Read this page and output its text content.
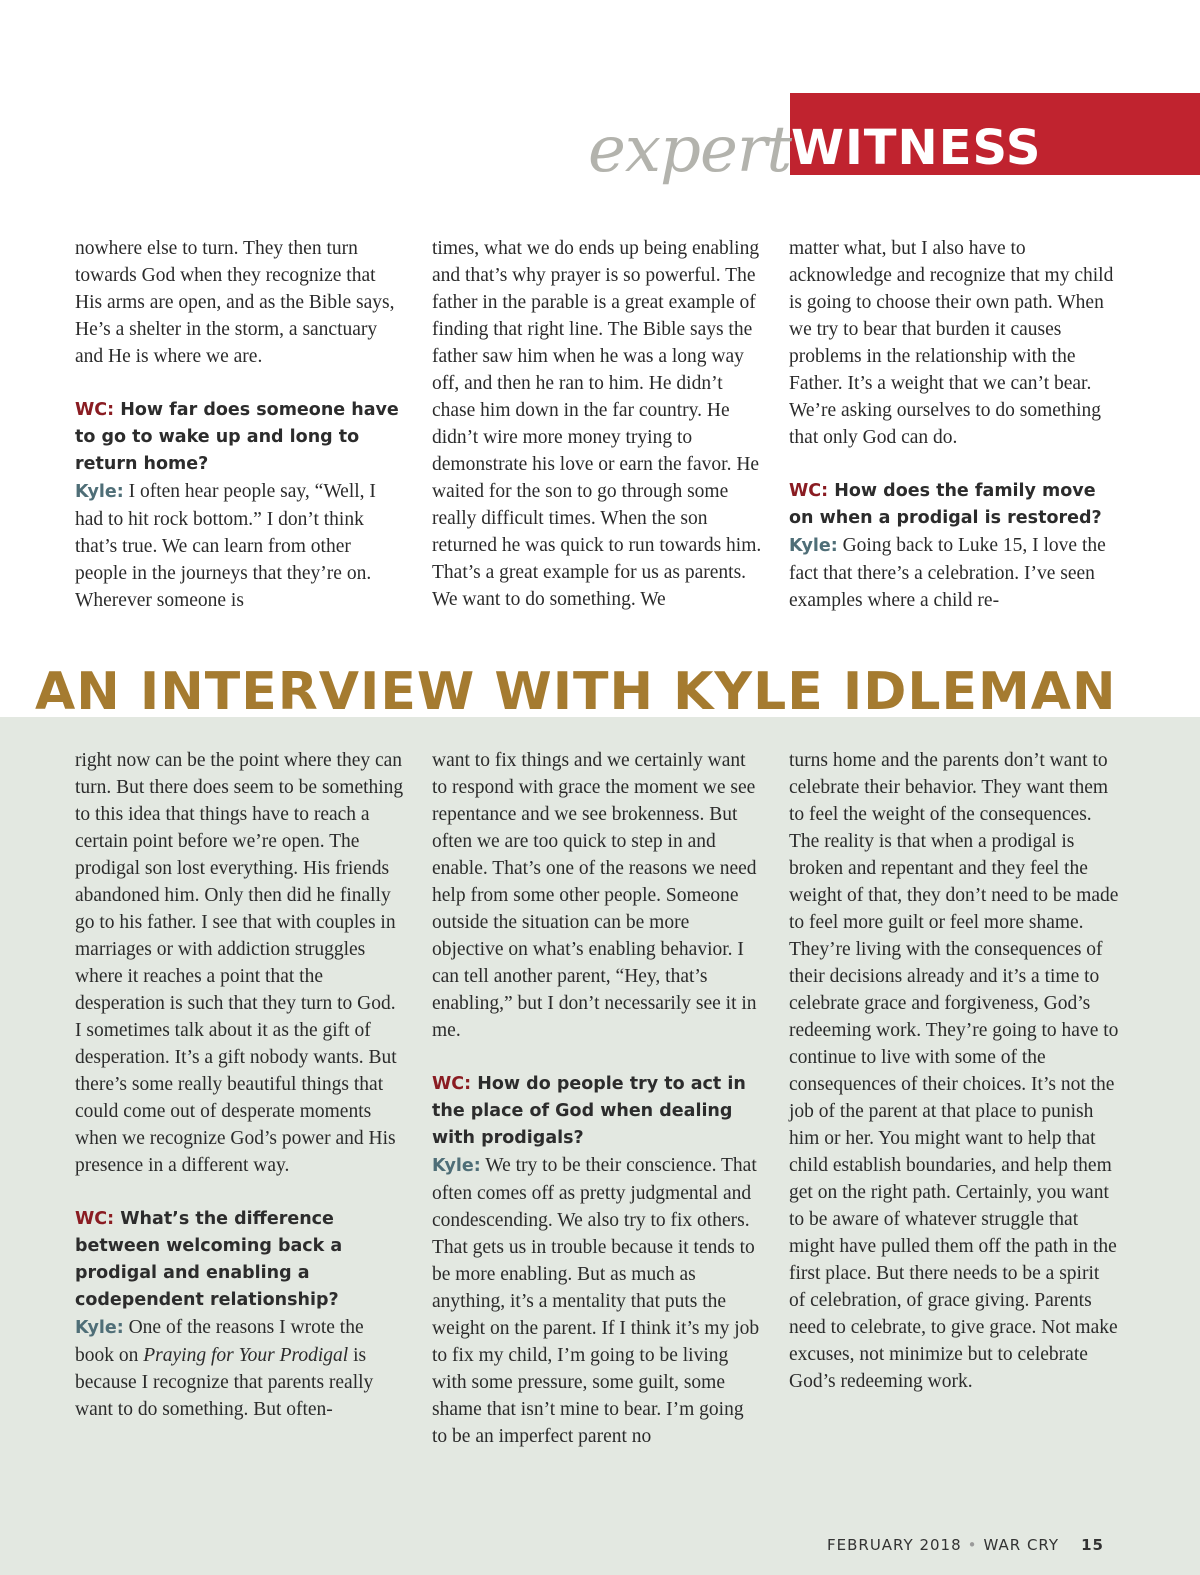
expert WITNESS

nowhere else to turn. They then turn towards God when they recognize that His arms are open, and as the Bible says, He’s a shelter in the storm, a sanctuary and He is where we are.

WC: How far does someone have to go to wake up and long to return home?

Kyle: I often hear people say, “Well, I had to hit rock bottom.” I don’t think that’s true. We can learn from other people in the journeys that they’re on. Wherever someone is

times, what we do ends up being enabling and that’s why prayer is so powerful. The father in the parable is a great example of finding that right line. The Bible says the father saw him when he was a long way off, and then he ran to him. He didn’t chase him down in the far country. He didn’t wire more money trying to demonstrate his love or earn the favor. He waited for the son to go through some really difficult times. When the son returned he was quick to run towards him. That’s a great example for us as parents. We want to do something. We

matter what, but I also have to acknowledge and recognize that my child is going to choose their own path. When we try to bear that burden it causes problems in the relationship with the Father. It’s a weight that we can’t bear. We’re asking ourselves to do something that only God can do.

WC: How does the family move on when a prodigal is restored?

Kyle: Going back to Luke 15, I love the fact that there’s a celebration. I’ve seen examples where a child re-

AN INTERVIEW WITH KYLE IDLEMAN

right now can be the point where they can turn. But there does seem to be something to this idea that things have to reach a certain point before we’re open. The prodigal son lost everything. His friends abandoned him. Only then did he finally go to his father. I see that with couples in marriages or with addiction struggles where it reaches a point that the desperation is such that they turn to God. I sometimes talk about it as the gift of desperation. It’s a gift nobody wants. But there’s some really beautiful things that could come out of desperate moments when we recognize God’s power and His presence in a different way.

WC: What’s the difference between welcoming back a prodigal and enabling a codependent relationship?

Kyle: One of the reasons I wrote the book on Praying for Your Prodigal is because I recognize that parents really want to do something. But often-

want to fix things and we certainly want to respond with grace the moment we see repentance and we see brokenness. But often we are too quick to step in and enable. That’s one of the reasons we need help from some other people. Someone outside the situation can be more objective on what’s enabling behavior. I can tell another parent, “Hey, that’s enabling,” but I don’t necessarily see it in me.

WC: How do people try to act in the place of God when dealing with prodigals?

Kyle: We try to be their conscience. That often comes off as pretty judgmental and condescending. We also try to fix others. That gets us in trouble because it tends to be more enabling. But as much as anything, it’s a mentality that puts the weight on the parent. If I think it’s my job to fix my child, I’m going to be living with some pressure, some guilt, some shame that isn’t mine to bear. I’m going to be an imperfect parent no

turns home and the parents don’t want to celebrate their behavior. They want them to feel the weight of the consequences. The reality is that when a prodigal is broken and repentant and they feel the weight of that, they don’t need to be made to feel more guilt or feel more shame. They’re living with the consequences of their decisions already and it’s a time to celebrate grace and forgiveness, God’s redeeming work. They’re going to have to continue to live with some of the consequences of their choices. It’s not the job of the parent at that place to punish him or her. You might want to help that child establish boundaries, and help them get on the right path. Certainly, you want to be aware of whatever struggle that might have pulled them off the path in the first place. But there needs to be a spirit of celebration, of grace giving. Parents need to celebrate, to give grace. Not make excuses, not minimize but to celebrate God’s redeeming work.

FEBRUARY 2018 • WAR CRY 15
